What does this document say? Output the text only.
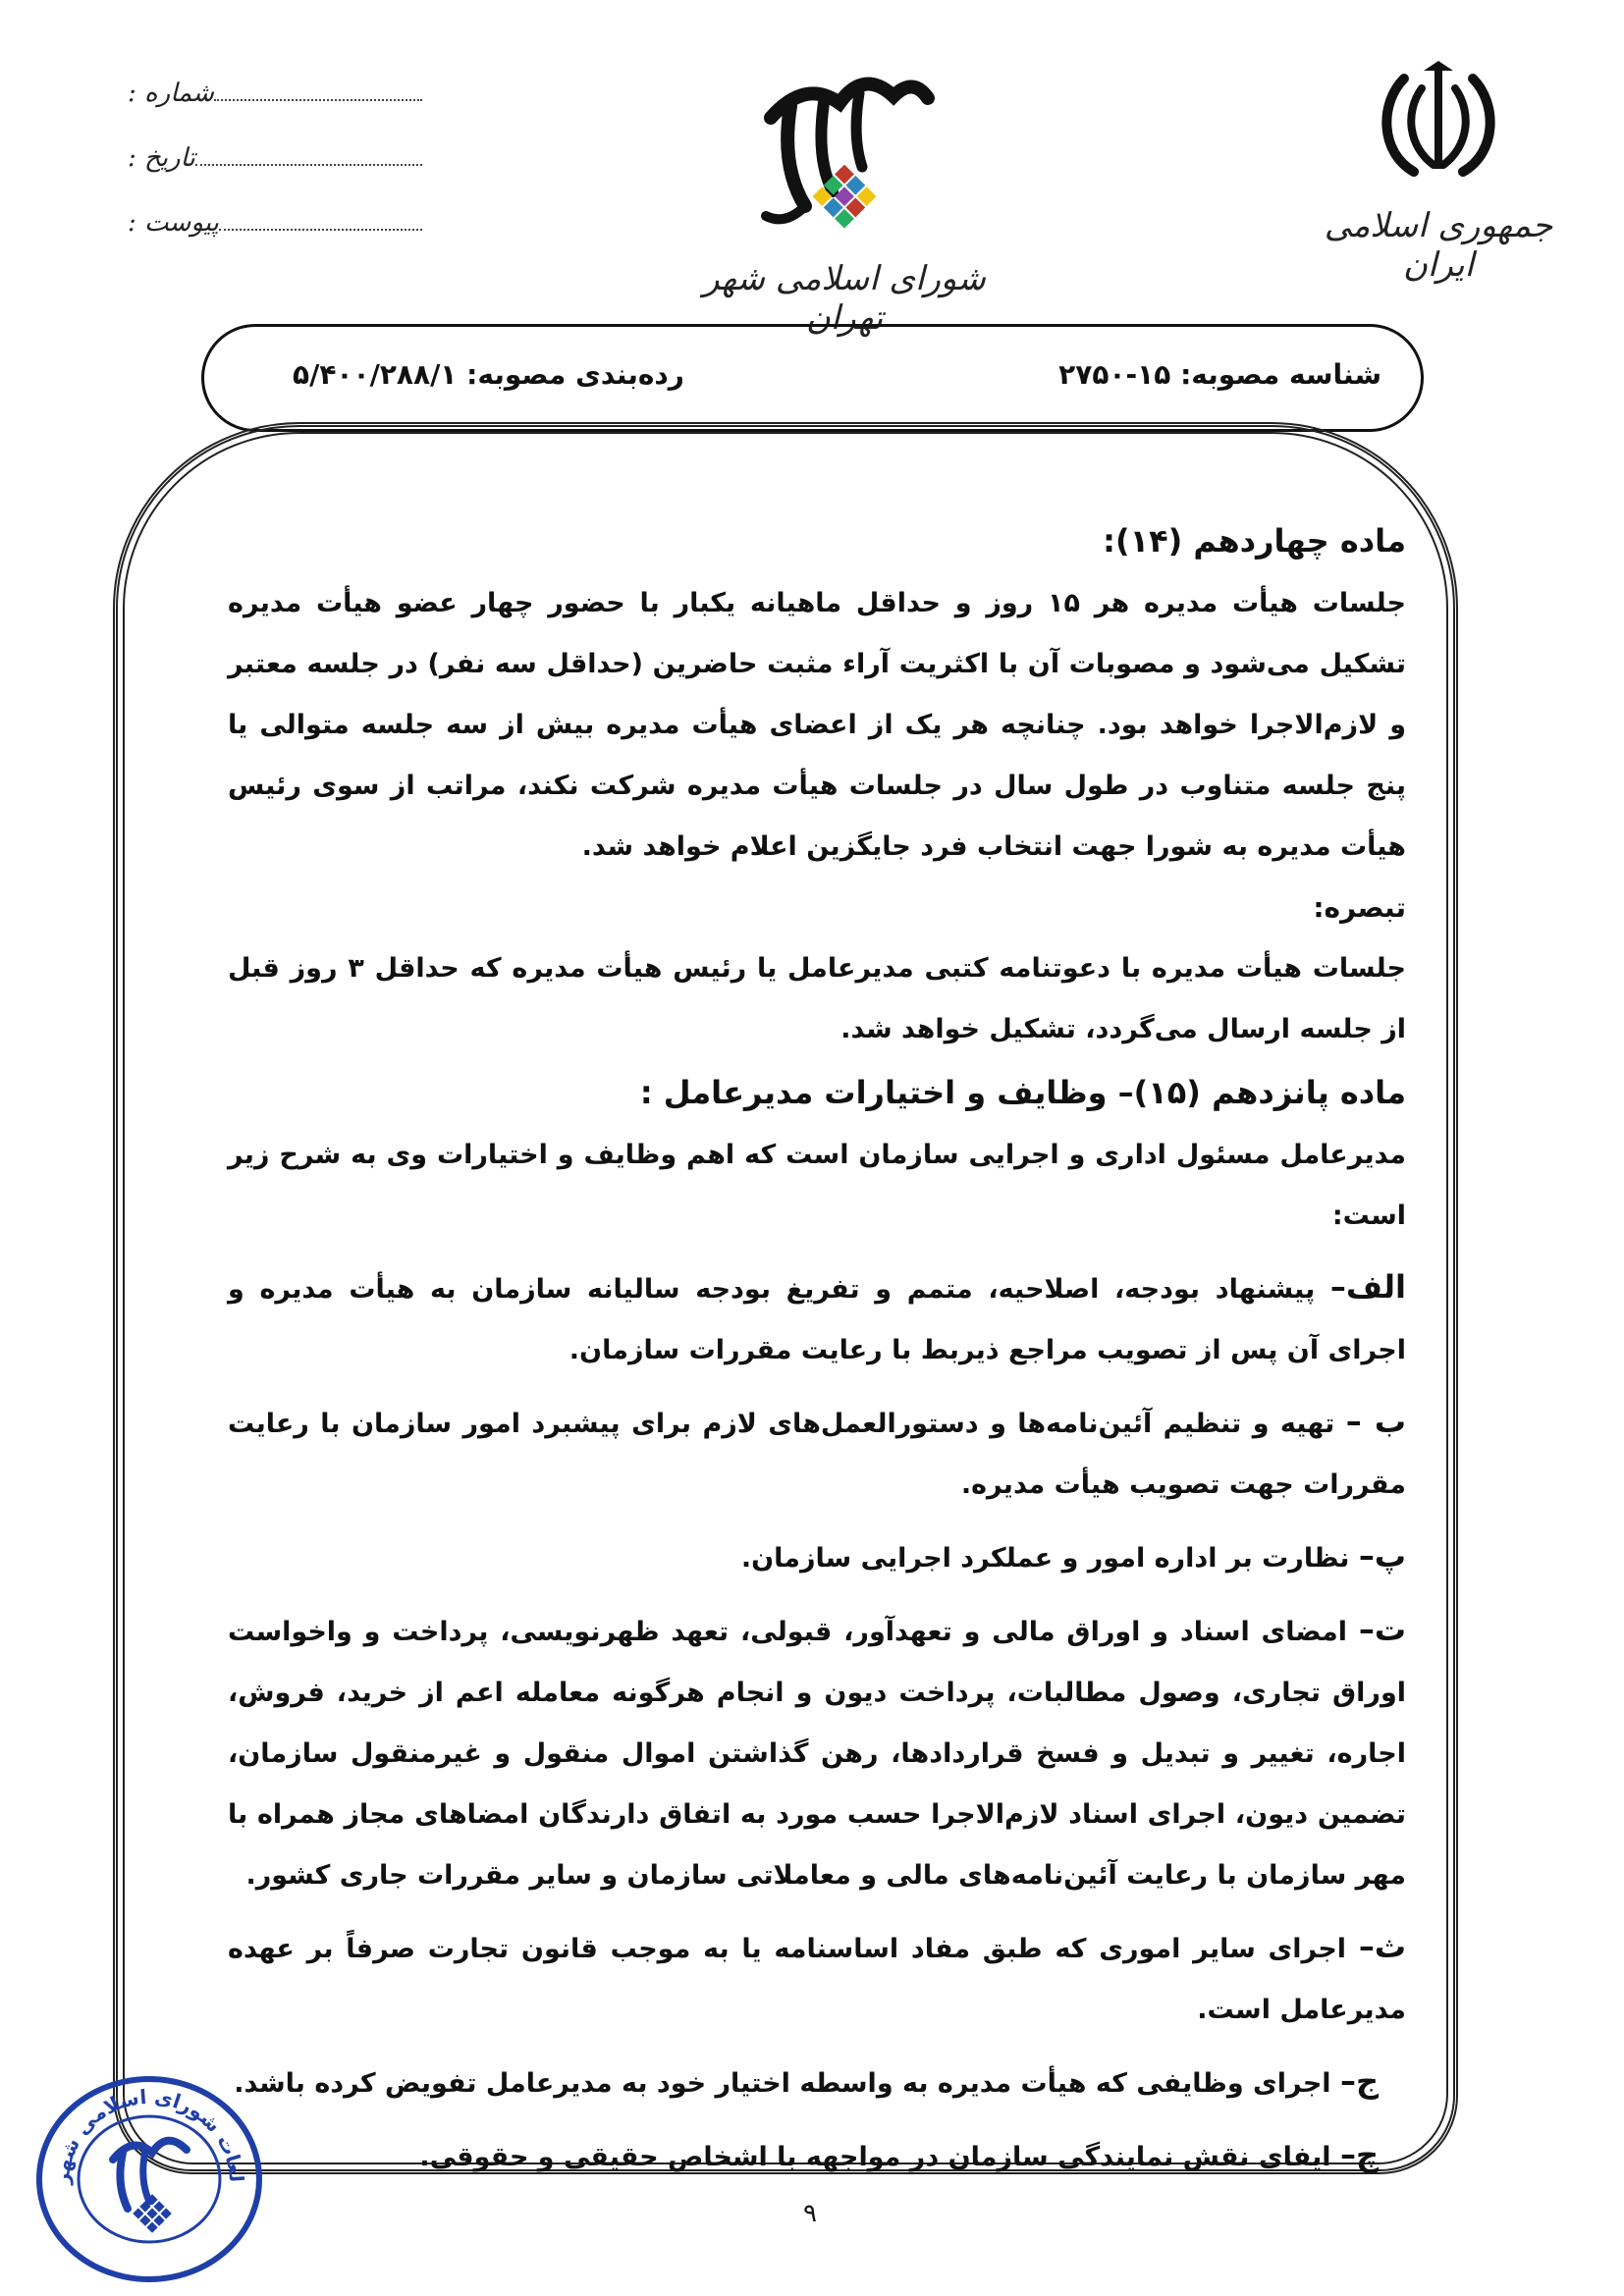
جمهوری اسلامی ایران
شورای اسلامی شهر تهران
شماره :
تاریخ :
پیوست :
شناسه مصوبه: ۱۵-۲۷۵۰
رده‌بندی مصوبه: ۵/۴۰۰/۲۸۸/۱

ماده چهاردهم (۱۴):

جلسات هیأت مدیره هر ۱۵ روز و حداقل ماهیانه یکبار با حضور چهار عضو هیأت مدیره تشکیل می‌شود و مصوبات آن با اکثریت آراء مثبت حاضرین (حداقل سه نفر) در جلسه معتبر و لازم‌الاجرا خواهد بود. چنانچه هر یک از اعضای هیأت مدیره بیش از سه جلسه متوالی یا پنج جلسه متناوب در طول سال در جلسات هیأت مدیره شرکت نکند، مراتب از سوی رئیس هیأت مدیره به شورا جهت انتخاب فرد جایگزین اعلام خواهد شد.

تبصره:

جلسات هیأت مدیره با دعوتنامه کتبی مدیرعامل یا رئیس هیأت مدیره که حداقل ۳ روز قبل از جلسه ارسال می‌گردد، تشکیل خواهد شد.

ماده پانزدهم (۱۵)– وظایف و اختیارات مدیرعامل :

مدیرعامل مسئول اداری و اجرایی سازمان است که اهم وظایف و اختیارات وی به شرح زیر است:

الف– پیشنهاد بودجه، اصلاحیه، متمم و تفریغ بودجه سالیانه سازمان به هیأت مدیره و اجرای آن پس از تصویب مراجع ذیربط با رعایت مقررات سازمان.

ب – تهیه و تنظیم آئین‌نامه‌ها و دستورالعمل‌های لازم برای پیشبرد امور سازمان با رعایت مقررات جهت تصویب هیأت مدیره.

پ– نظارت بر اداره امور و عملکرد اجرایی سازمان.

ت– امضای اسناد و اوراق مالی و تعهدآور، قبولی، تعهد ظهرنویسی، پرداخت و واخواست اوراق تجاری، وصول مطالبات، پرداخت دیون و انجام هرگونه معامله اعم از خرید، فروش، اجاره، تغییر و تبدیل و فسخ قراردادها، رهن گذاشتن اموال منقول و غیرمنقول سازمان، تضمین دیون، اجرای اسناد لازم‌الاجرا حسب مورد به اتفاق دارندگان امضاهای مجاز همراه با مهر سازمان با رعایت آئین‌نامه‌های مالی و معاملاتی سازمان و سایر مقررات جاری کشور.

ث– اجرای سایر اموری که طبق مفاد اساسنامه یا به موجب قانون تجارت صرفاً بر عهده مدیرعامل است.

ج– اجرای وظایفی که هیأت مدیره به واسطه اختیار خود به مدیرعامل تفویض کرده باشد.

چ– ایفای نقش نمایندگی سازمان در مواجهه با اشخاص حقیقی و حقوقی.

لعات شورای اسلامی شهر
۹
